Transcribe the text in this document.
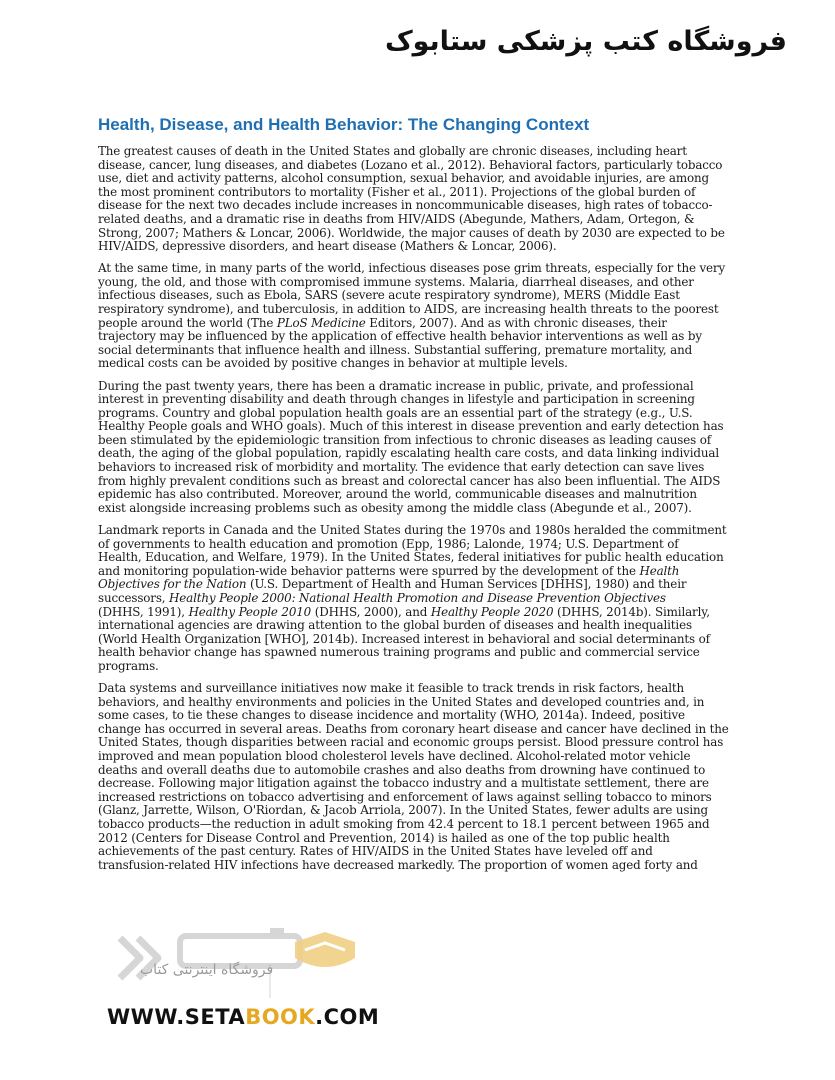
فروشگاه کتب پزشکی ستابوک
Health, Disease, and Health Behavior: The Changing Context

The greatest causes of death in the United States and globally are chronic diseases, including heart
disease, cancer, lung diseases, and diabetes (Lozano et al., 2012). Behavioral factors, particularly tobacco
use, diet and activity patterns, alcohol consumption, sexual behavior, and avoidable injuries, are among
the most prominent contributors to mortality (Fisher et al., 2011). Projections of the global burden of
disease for the next two decades include increases in noncommunicable diseases, high rates of tobacco-
related deaths, and a dramatic rise in deaths from HIV/AIDS (Abegunde, Mathers, Adam, Ortegon, &
Strong, 2007; Mathers & Loncar, 2006). Worldwide, the major causes of death by 2030 are expected to be
HIV/AIDS, depressive disorders, and heart disease (Mathers & Loncar, 2006).

At the same time, in many parts of the world, infectious diseases pose grim threats, especially for the very
young, the old, and those with compromised immune systems. Malaria, diarrheal diseases, and other
infectious diseases, such as Ebola, SARS (severe acute respiratory syndrome), MERS (Middle East
respiratory syndrome), and tuberculosis, in addition to AIDS, are increasing health threats to the poorest
people around the world (The PLoS Medicine Editors, 2007). And as with chronic diseases, their
trajectory may be influenced by the application of effective health behavior interventions as well as by
social determinants that influence health and illness. Substantial suffering, premature mortality, and
medical costs can be avoided by positive changes in behavior at multiple levels.

During the past twenty years, there has been a dramatic increase in public, private, and professional
interest in preventing disability and death through changes in lifestyle and participation in screening
programs. Country and global population health goals are an essential part of the strategy (e.g., U.S.
Healthy People goals and WHO goals). Much of this interest in disease prevention and early detection has
been stimulated by the epidemiologic transition from infectious to chronic diseases as leading causes of
death, the aging of the global population, rapidly escalating health care costs, and data linking individual
behaviors to increased risk of morbidity and mortality. The evidence that early detection can save lives
from highly prevalent conditions such as breast and colorectal cancer has also been influential. The AIDS
epidemic has also contributed. Moreover, around the world, communicable diseases and malnutrition
exist alongside increasing problems such as obesity among the middle class (Abegunde et al., 2007).

Landmark reports in Canada and the United States during the 1970s and 1980s heralded the commitment
of governments to health education and promotion (Epp, 1986; Lalonde, 1974; U.S. Department of
Health, Education, and Welfare, 1979). In the United States, federal initiatives for public health education
and monitoring population-wide behavior patterns were spurred by the development of the Health
Objectives for the Nation (U.S. Department of Health and Human Services [DHHS], 1980) and their
successors, Healthy People 2000: National Health Promotion and Disease Prevention Objectives
(DHHS, 1991), Healthy People 2010 (DHHS, 2000), and Healthy People 2020 (DHHS, 2014b). Similarly,
international agencies are drawing attention to the global burden of diseases and health inequalities
(World Health Organization [WHO], 2014b). Increased interest in behavioral and social determinants of
health behavior change has spawned numerous training programs and public and commercial service
programs.

Data systems and surveillance initiatives now make it feasible to track trends in risk factors, health
behaviors, and healthy environments and policies in the United States and developed countries and, in
some cases, to tie these changes to disease incidence and mortality (WHO, 2014a). Indeed, positive
change has occurred in several areas. Deaths from coronary heart disease and cancer have declined in the
United States, though disparities between racial and economic groups persist. Blood pressure control has
improved and mean population blood cholesterol levels have declined. Alcohol-related motor vehicle
deaths and overall deaths due to automobile crashes and also deaths from drowning have continued to
decrease. Following major litigation against the tobacco industry and a multistate settlement, there are
increased restrictions on tobacco advertising and enforcement of laws against selling tobacco to minors
(Glanz, Jarrette, Wilson, O'Riordan, & Jacob Arriola, 2007). In the United States, fewer adults are using
tobacco products—the reduction in adult smoking from 42.4 percent to 18.1 percent between 1965 and
2012 (Centers for Disease Control and Prevention, 2014) is hailed as one of the top public health
achievements of the past century. Rates of HIV/AIDS in the United States have leveled off and
transfusion-related HIV infections have decreased markedly. The proportion of women aged forty and

فروشگاه اینترنتی کتاب
WWW.SETABOOK.COM
